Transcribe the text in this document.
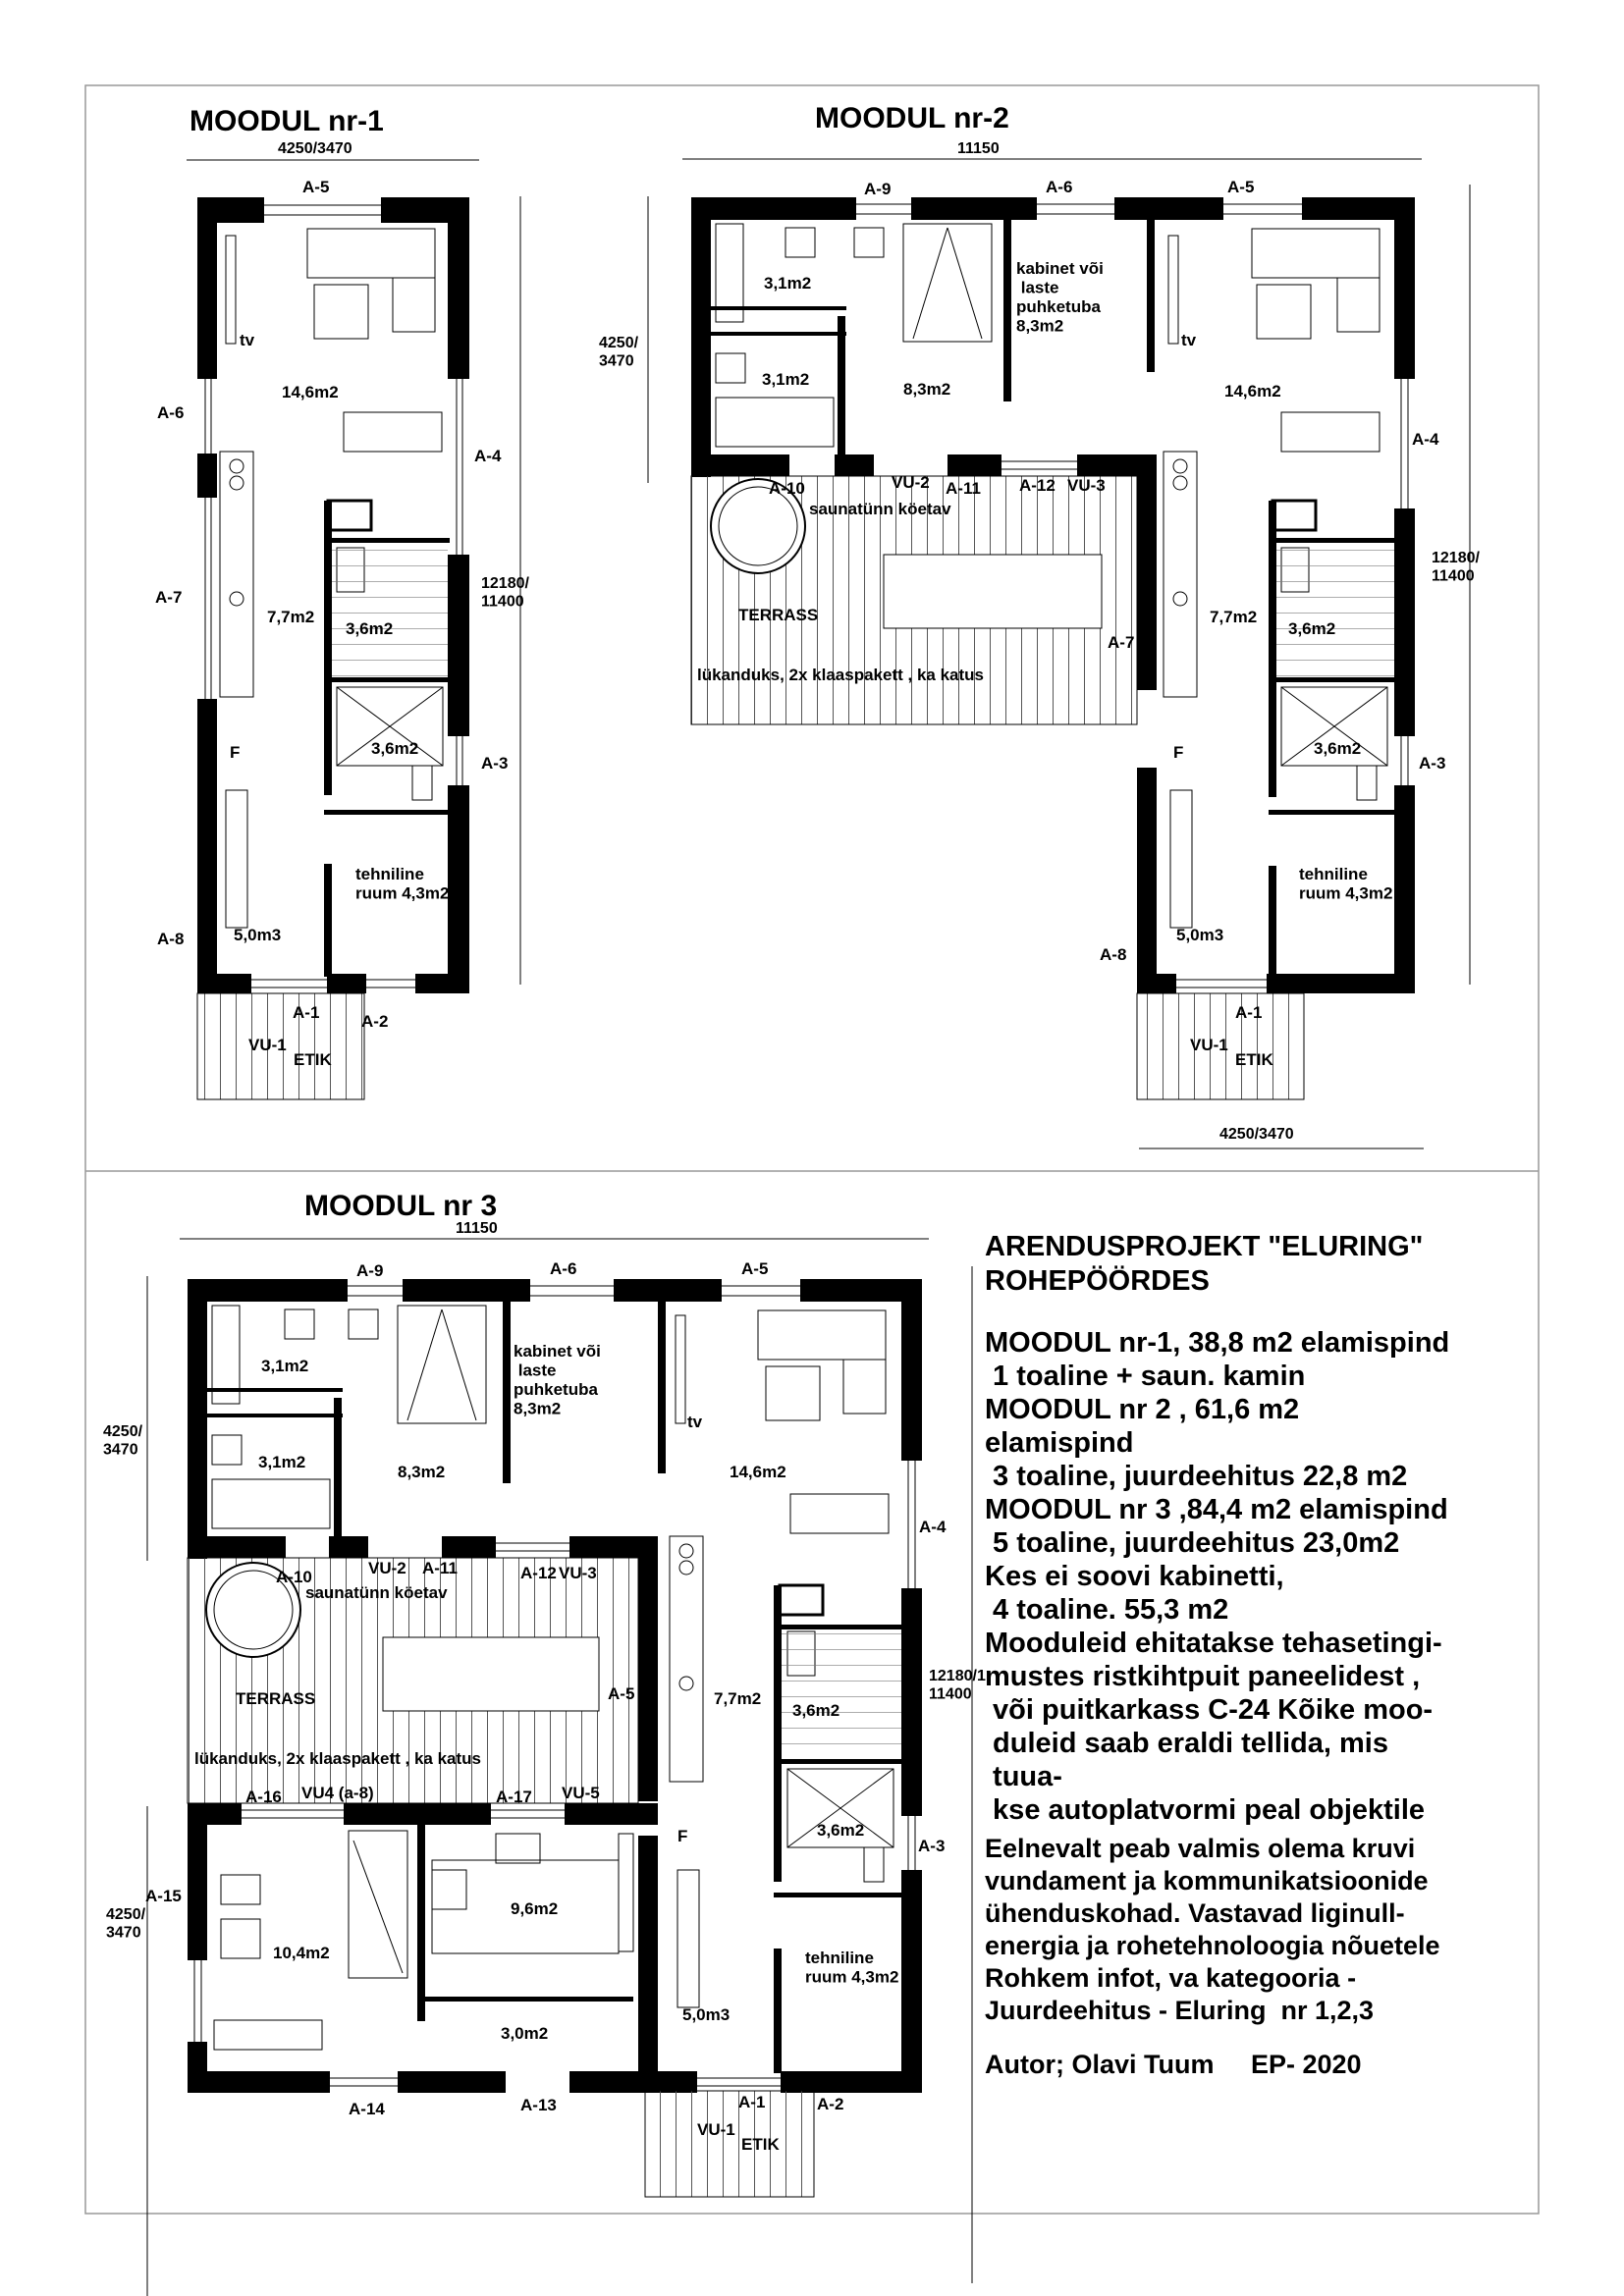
MOODUL nr-1
4250/3470
12180/ 11400
A-5
A-6
A-4
A-7
A-3
A-8
A-1	A-2
VU-1
ETIK
tv
14,6m2
7,7m2
3,6m2
3,6m2
F
tehniline ruum 4,3m2
5,0m3
MOODUL nr-2
11150
4250/ 3470
12180/ 11400
4250/3470
A-9	A-6	A-5
A-4
A-10	A-11 A-12
A-7
A-3
A-8
A-1
VU-2	VU-3
VU-1
saunatünn köetav
TERRASS
lükanduks, 2x klaaspakett , ka katus
ETIK
3,1m2
3,1m2
8,3m2
kabinet või laste puhketuba 8,3m2
tv
14,6m2
7,7m2
3,6m2
3,6m2
F
tehniline ruum 4,3m2
5,0m3
MOODUL nr 3
11150
4250/ 3470
4250/ 3470
12180/1 11400
A-9	A-6	A-5
A-4
A-10	A-11	A-12
A-5
A-16	A-17
A-15
A-3
A-14	A-13	A-1	A-2
VU-2	VU-3
VU4 (a-8)	VU-5
VU-1
saunatünn köetav
TERRASS
lükanduks, 2x klaaspakett , ka katus
ETIK
3,1m2
3,1m2
8,3m2
kabinet või laste puhketuba 8,3m2
tv
14,6m2
7,7m2
3,6m2
3,6m2
F
tehniline ruum 4,3m2
10,4m2
9,6m2
3,0m2
5,0m3

ARENDUSPROJEKT "ELURING"

ROHEPÖÖRDES

MOODUL nr-1, 38,8 m2 elamispind

1 toaline + saun. kamin

MOODUL nr 2 , 61,6 m2

elamispind

3 toaline, juurdeehitus 22,8 m2

MOODUL nr 3 ,84,4 m2 elamispind

5 toaline, juurdeehitus 23,0m2

Kes ei soovi kabinetti,

4 toaline. 55,3 m2

Mooduleid ehitatakse tehasetingi-

mustes ristkihtpuit paneelidest ,

või puitkarkass C-24 Kõike moo-

duleid saab eraldi tellida, mis

tuua-

kse autoplatvormi peal objektile

Eelnevalt peab valmis olema kruvi

vundament ja kommunikatsioonide

ühenduskohad. Vastavad liginull-

energia ja rohetehnoloogia nõuetele

Rohkem infot, va kategooria -

Juurdeehitus - Eluring  nr 1,2,3

Autor; Olavi Tuum     EP- 2020
